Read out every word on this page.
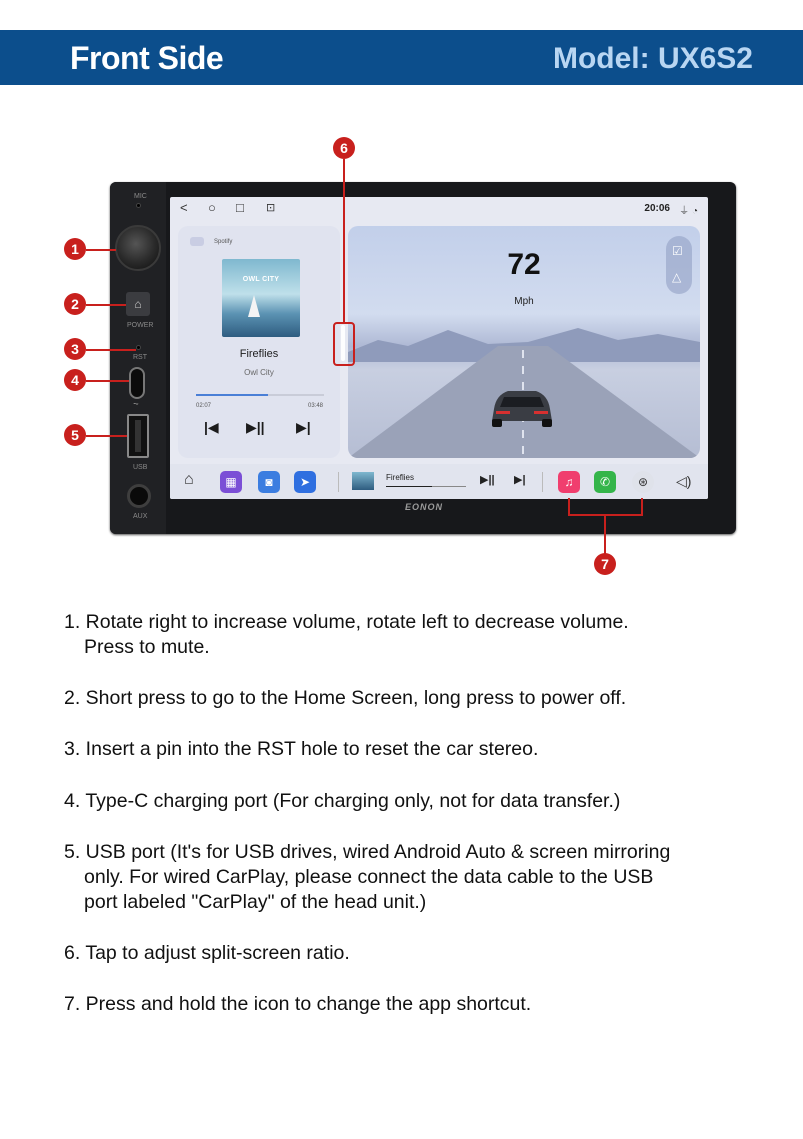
Front Side	Model: UX6S2
MIC
⌂
POWER
RST
⏦
USB
AUX
EONON
< ○ □ ⊡	20:06 ⏚ ◔
Spotify
OWL CITY
Fireflies
Owl City
02:07	03:48
|◀ ▶|| ▶|
72
Mph
☑
△
⌂	▦	◙	➤	Fireflies	▶|| ▶|	♫	✆	⊛	◁)
1
2
3
4
5
6
7
1. Rotate right to increase volume, rotate left to decrease volume.
Press to mute.
2. Short press to go to the Home Screen, long press to power off.
3. Insert a pin into the RST hole to reset the car stereo.
4. Type-C charging port (For charging only, not for data transfer.)
5. USB port (It's for USB drives, wired Android Auto & screen mirroring
only. For wired CarPlay, please connect the data cable to the USB
port labeled "CarPlay" of the head unit.)
6. Tap to adjust split-screen ratio.
7. Press and hold the icon to change the app shortcut.
